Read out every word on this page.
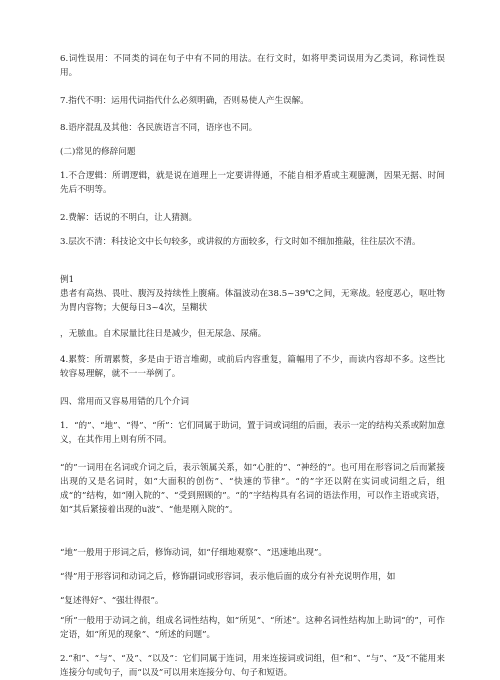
6.词性误用：不同类的词在句子中有不同的用法。在行文时，如将甲类词误用为乙类词，称词性误用。

7.指代不明：运用代词指代什么必须明确，否则易使人产生误解。

8.语序混乱及其他：各民族语言不同，语序也不同。

(二)常见的修辞问题

1.不合逻辑：所谓逻辑，就是说在道理上一定要讲得通，不能自相矛盾或主观臆测，因果无据、时间先后不明等。

2.费解：话说的不明白，让人猜测。

3.层次不清：科技论文中长句较多，或讲叙的方面较多，行文时如不细加推敲，往往层次不清。

例1

患者有高热、畏吐、腹泻及持续性上腹痛。体温波动在38.5~39℃之间，无寒战。轻度恶心，呕吐物为胃内容物；大便每日3~4次，呈糊状

，无脓血。自术尿量比往日是减少，但无尿急、尿痛。

4.累赘：所谓累赘，多是由于语言堆砌，或前后内容重复，篇幅用了不少，而读内容却不多。这些比较容易理解，就不一一举例了。

四、常用而又容易用错的几个介词

1．“的”、“地”、“得”、“所”：它们同属于助词，置于词或词组的后面，表示一定的结构关系或附加意义，在其作用上则有所不同。

“的”一词用在名词或介词之后，表示领属关系，如“心脏的”、“神经的”。也可用在形容词之后而紧接出现的又是名词时，如“大面积的创伤”、“快速的节律”。“的”字还以附在实词或词组之后，组成“的”结构，如“刚入院的”、“受到照顾的”。“的”字结构具有名词的语法作用，可以作主语或宾语，如“其后紧接着出现的u波”、“他是刚入院的”。

“地”一般用于形词之后，修饰动词，如“仔细地观察”、“迅速地出现”。

“得”用于形容词和动词之后，修饰副词或形容词，表示他后面的成分有补充说明作用，如

“复述得好”、“强壮得很”。

“所”一般用于动词之前，组成名词性结构，如“所见”、“所述”。这种名词性结构加上助词“的”，可作定语，如“所见的现象”、“所述的问题”。

2.“和”、“与”、“及”、“以及”：它们同属于连词，用来连接词或词组，但“和”、“与”、“及”不能用来连接分句或句子，而“以及”可以用来连接分句、句子和短语。
